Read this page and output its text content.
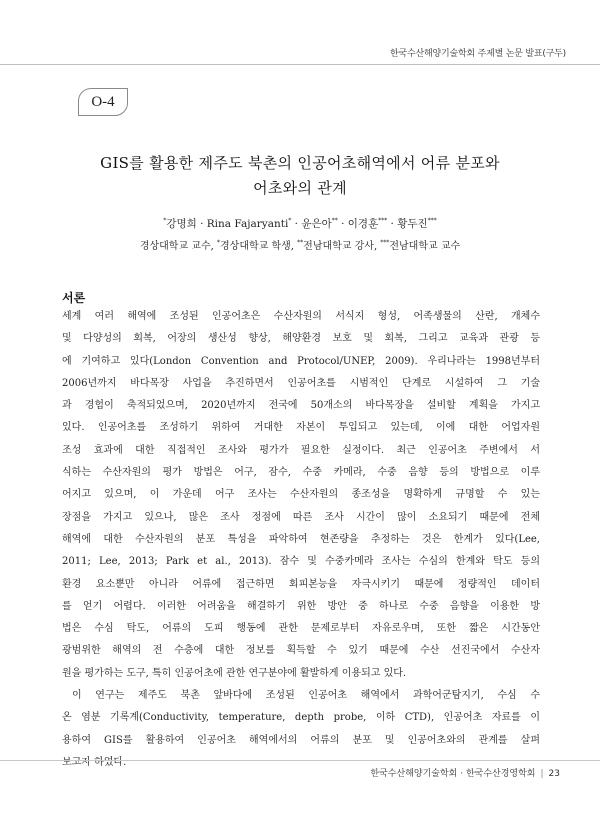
한국수산해양기술학회 주제별 논문 발표(구두)
O-4
GIS를 활용한 제주도 북촌의 인공어초해역에서 어류 분포와
어초와의 관계
*강명희 · Rina Fajaryanti* · 윤은아** · 이경훈*** · 황두진***
경상대학교 교수, *경상대학교 학생, **전남대학교 강사, ***전남대학교 교수
서론
세계 여러 해역에 조성된 인공어초은 수산자원의 서식지 형성, 어족생물의 산란, 개체수
및 다양성의 회복, 어장의 생산성 향상, 해양환경 보호 및 회복, 그리고 교육과 관광 등
에 기여하고 있다(London Convention and Protocol/UNEP, 2009). 우리나라는 1998년부터
2006년까지 바다목장 사업을 추진하면서 인공어초를 시범적인 단계로 시설하여 그 기술
과 경험이 축적되었으며, 2020년까지 전국에 50개소의 바다목장을 설비할 계획을 가지고
있다. 인공어초를 조성하기 위하여 거대한 자본이 투입되고 있는데, 이에 대한 어업자원
조성 효과에 대한 직접적인 조사와 평가가 필요한 실정이다. 최근 인공어초 주변에서 서
식하는 수산자원의 평가 방법은 어구, 잠수, 수중 카메라, 수중 음향 등의 방법으로 이루
어지고 있으며, 이 가운데 어구 조사는 수산자원의 종조성을 명확하게 규명할 수 있는
장점을 가지고 있으나, 많은 조사 정점에 따른 조사 시간이 많이 소요되기 때문에 전체
해역에 대한 수산자원의 분포 특성을 파악하여 현존량을 추정하는 것은 한계가 있다(Lee,
2011; Lee, 2013; Park et al., 2013). 잠수 및 수중카메라 조사는 수심의 한계와 탁도 등의
환경 요소뿐만 아니라 어류에 접근하면 회피본능을 자극시키기 때문에 정량적인 데이터
를 얻기 어렵다. 이러한 어려움을 해결하기 위한 방안 중 하나로 수중 음향을 이용한 방
법은 수심 탁도, 어류의 도피 행동에 관한 문제로부터 자유로우며, 또한 짧은 시간동안
광범위한 해역의 전 수층에 대한 정보를 획득할 수 있기 때문에 수산 선진국에서 수산자
원을 평가하는 도구, 특히 인공어초에 관한 연구분야에 활발하게 이용되고 있다.
이 연구는 제주도 북촌 앞바다에 조성된 인공어초 해역에서 과학어군탐지기, 수심 수
온 염분 기록계(Conductivity, temperature, depth probe, 이하 CTD), 인공어초 자료를 이
용하여 GIS를 활용하여 인공어초 해역에서의 어류의 분포 및 인공어초와의 관계를 살펴
보고자 하였다.
한국수산해양기술학회 · 한국수산경영학회 | 23
